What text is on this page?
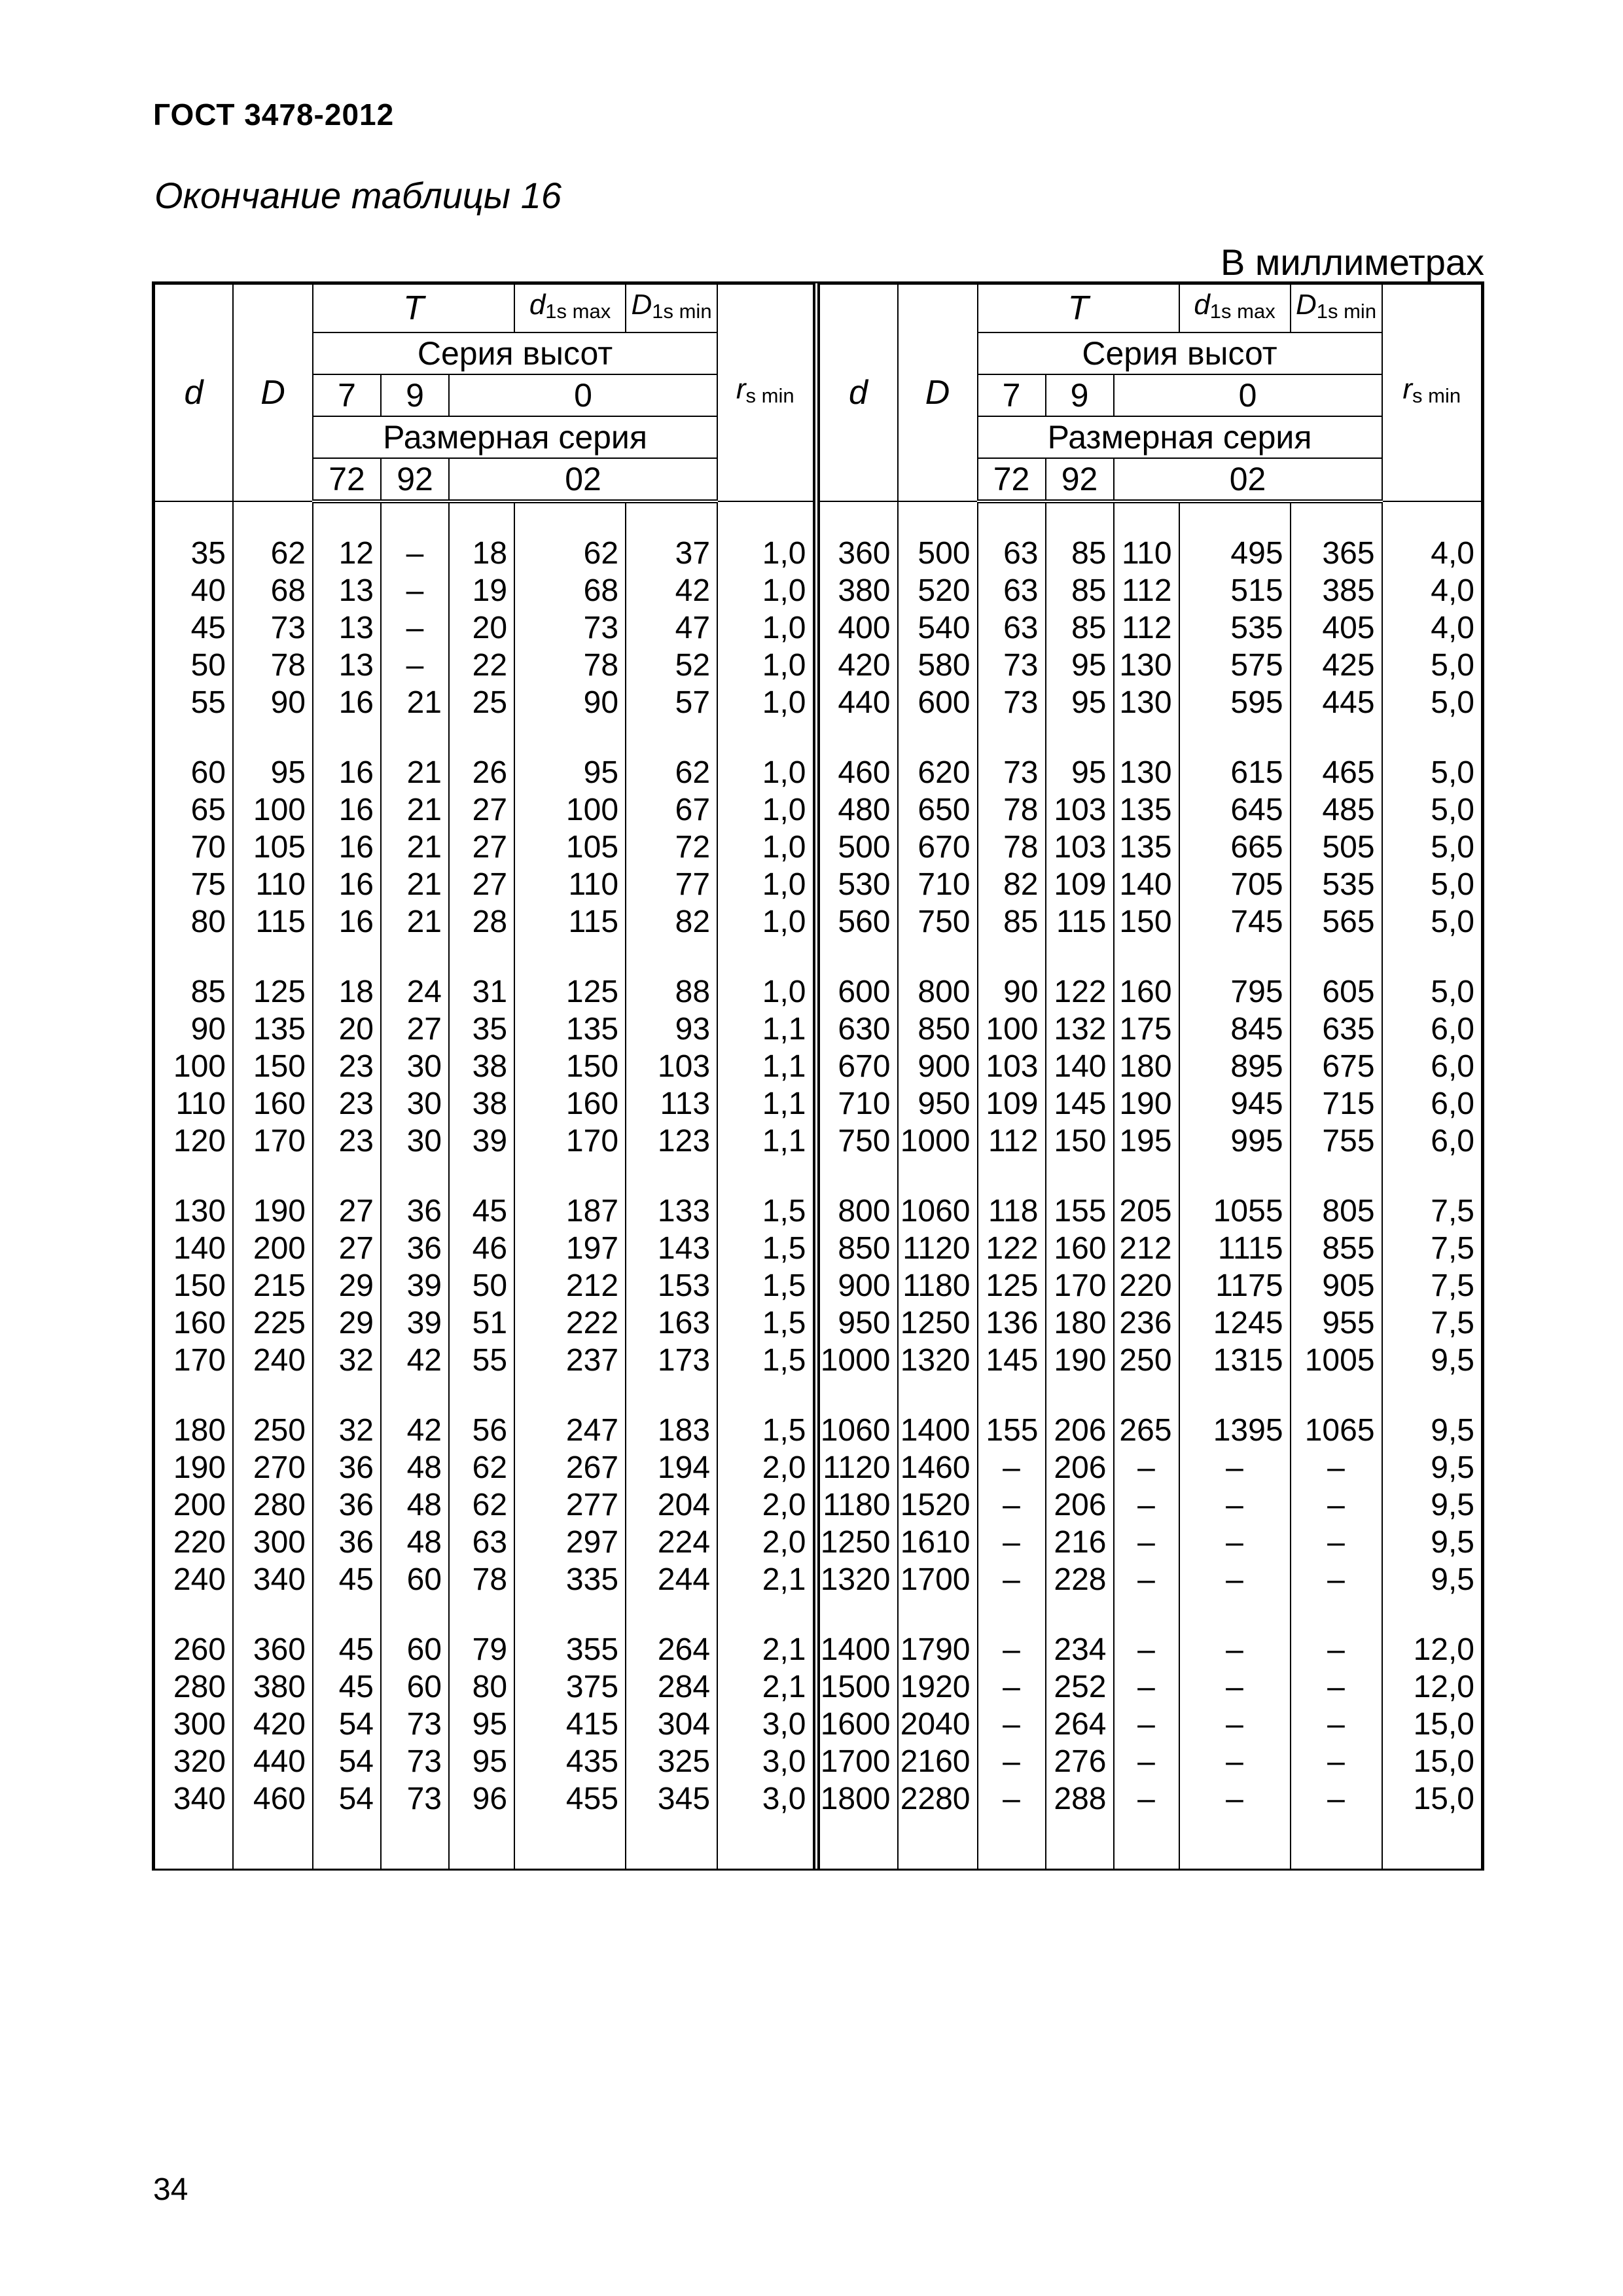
ГОСТ 3478-2012
Окончание таблицы 16
В миллиметрах
d	D	T			$d_{1s max}$	$D_{1s min}$	$r_{s min}$
		Серия высот					
		7	9	0			
		Размерная серия					
		72	92	02			

35	62	12	–	18	62	37	1,0
40	68	13	–	19	68	42	1,0
45	73	13	–	20	73	47	1,0
50	78	13	–	22	78	52	1,0
55	90	16	21	25	90	57	1,0

60	95	16	21	26	95	62	1,0
65	100	16	21	27	100	67	1,0
70	105	16	21	27	105	72	1,0
75	110	16	21	27	110	77	1,0
80	115	16	21	28	115	82	1,0

85	125	18	24	31	125	88	1,0
90	135	20	27	35	135	93	1,1
100	150	23	30	38	150	103	1,1
110	160	23	30	38	160	113	1,1
120	170	23	30	39	170	123	1,1

130	190	27	36	45	187	133	1,5
140	200	27	36	46	197	143	1,5
150	215	29	39	50	212	153	1,5
160	225	29	39	51	222	163	1,5
170	240	32	42	55	237	173	1,5

180	250	32	42	56	247	183	1,5
190	270	36	48	62	267	194	2,0
200	280	36	48	62	277	204	2,0
220	300	36	48	63	297	224	2,0
240	340	45	60	78	335	244	2,1

260	360	45	60	79	355	264	2,1
280	380	45	60	80	375	284	2,1
300	420	54	73	95	415	304	3,0
320	440	54	73	95	435	325	3,0
340	460	54	73	96	455	345	3,0

d	D	T			$d_{1s max}$	$D_{1s min}$	$r_{s min}$
		Серия высот					
		7	9	0			
		Размерная серия					
		72	92	02			

360	500	63	85	110	495	365	4,0
380	520	63	85	112	515	385	4,0
400	540	63	85	112	535	405	4,0
420	580	73	95	130	575	425	5,0
440	600	73	95	130	595	445	5,0

460	620	73	95	130	615	465	5,0
480	650	78	103	135	645	485	5,0
500	670	78	103	135	665	505	5,0
530	710	82	109	140	705	535	5,0
560	750	85	115	150	745	565	5,0

600	800	90	122	160	795	605	5,0
630	850	100	132	175	845	635	6,0
670	900	103	140	180	895	675	6,0
710	950	109	145	190	945	715	6,0
750	1000	112	150	195	995	755	6,0

800	1060	118	155	205	1055	805	7,5
850	1120	122	160	212	1115	855	7,5
900	1180	125	170	220	1175	905	7,5
950	1250	136	180	236	1245	955	7,5
1000	1320	145	190	250	1315	1005	9,5

1060	1400	155	206	265	1395	1065	9,5
1120	1460	–	206	–	–	–	9,5
1180	1520	–	206	–	–	–	9,5
1250	1610	–	216	–	–	–	9,5
1320	1700	–	228	–	–	–	9,5

1400	1790	–	234	–	–	–	12,0
1500	1920	–	252	–	–	–	12,0
1600	2040	–	264	–	–	–	15,0
1700	2160	–	276	–	–	–	15,0
1800	2280	–	288	–	–	–	15,0

34
